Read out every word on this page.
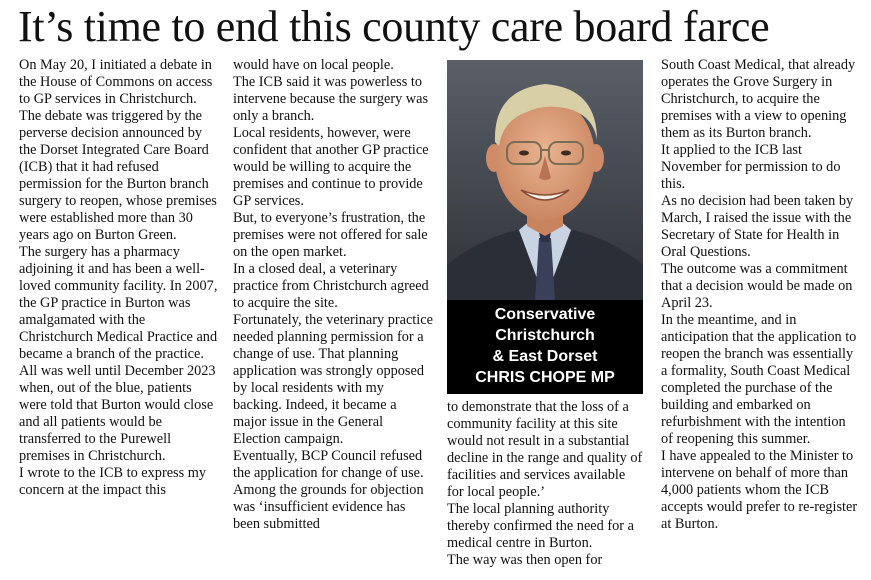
It’s time to end this county care board farce

On May 20, I initiated a debate in the House of Commons on access to GP services in Christchurch.

The debate was triggered by the perverse decision announced by the Dorset Integrated Care Board (ICB) that it had refused permission for the Burton branch surgery to reopen, whose premises were established more than 30 years ago on Burton Green.

The surgery has a pharmacy adjoining it and has been a well-loved community facility. In 2007, the GP practice in Burton was amalgamated with the Christchurch Medical Practice and became a branch of the practice.

All was well until December 2023 when, out of the blue, patients were told that Burton would close and all patients would be transferred to the Purewell premises in Christchurch.

I wrote to the ICB to express my concern at the impact this

would have on local people.

The ICB said it was powerless to intervene because the surgery was only a branch.

Local residents, however, were confident that another GP practice would be willing to acquire the premises and continue to provide GP services.

But, to everyone’s frustration, the premises were not offered for sale on the open market.

In a closed deal, a veterinary practice from Christchurch agreed to acquire the site.

Fortunately, the veterinary practice needed planning permission for a change of use. That planning application was strongly opposed by local residents with my backing. Indeed, it became a major issue in the General Election campaign.

Eventually, BCP Council refused the application for change of use.

Among the grounds for objection was ‘insufficient evidence has been submitted

Conservative
Christchurch
& East Dorset
CHRIS CHOPE MP

to demonstrate that the loss of a community facility at this site would not result in a substantial decline in the range and quality of facilities and services available for local people.’

The local planning authority thereby confirmed the need for a medical centre in Burton.

The way was then open for

South Coast Medical, that already operates the Grove Surgery in Christchurch, to acquire the premises with a view to opening them as its Burton branch.

It applied to the ICB last November for permission to do this.

As no decision had been taken by March, I raised the issue with the Secretary of State for Health in Oral Questions.

The outcome was a commitment that a decision would be made on April 23.

In the meantime, and in anticipation that the application to reopen the branch was essentially a formality, South Coast Medical completed the purchase of the building and embarked on refurbishment with the intention of reopening this summer.

I have appealed to the Minister to intervene on behalf of more than 4,000 patients whom the ICB accepts would prefer to re-register at Burton.
